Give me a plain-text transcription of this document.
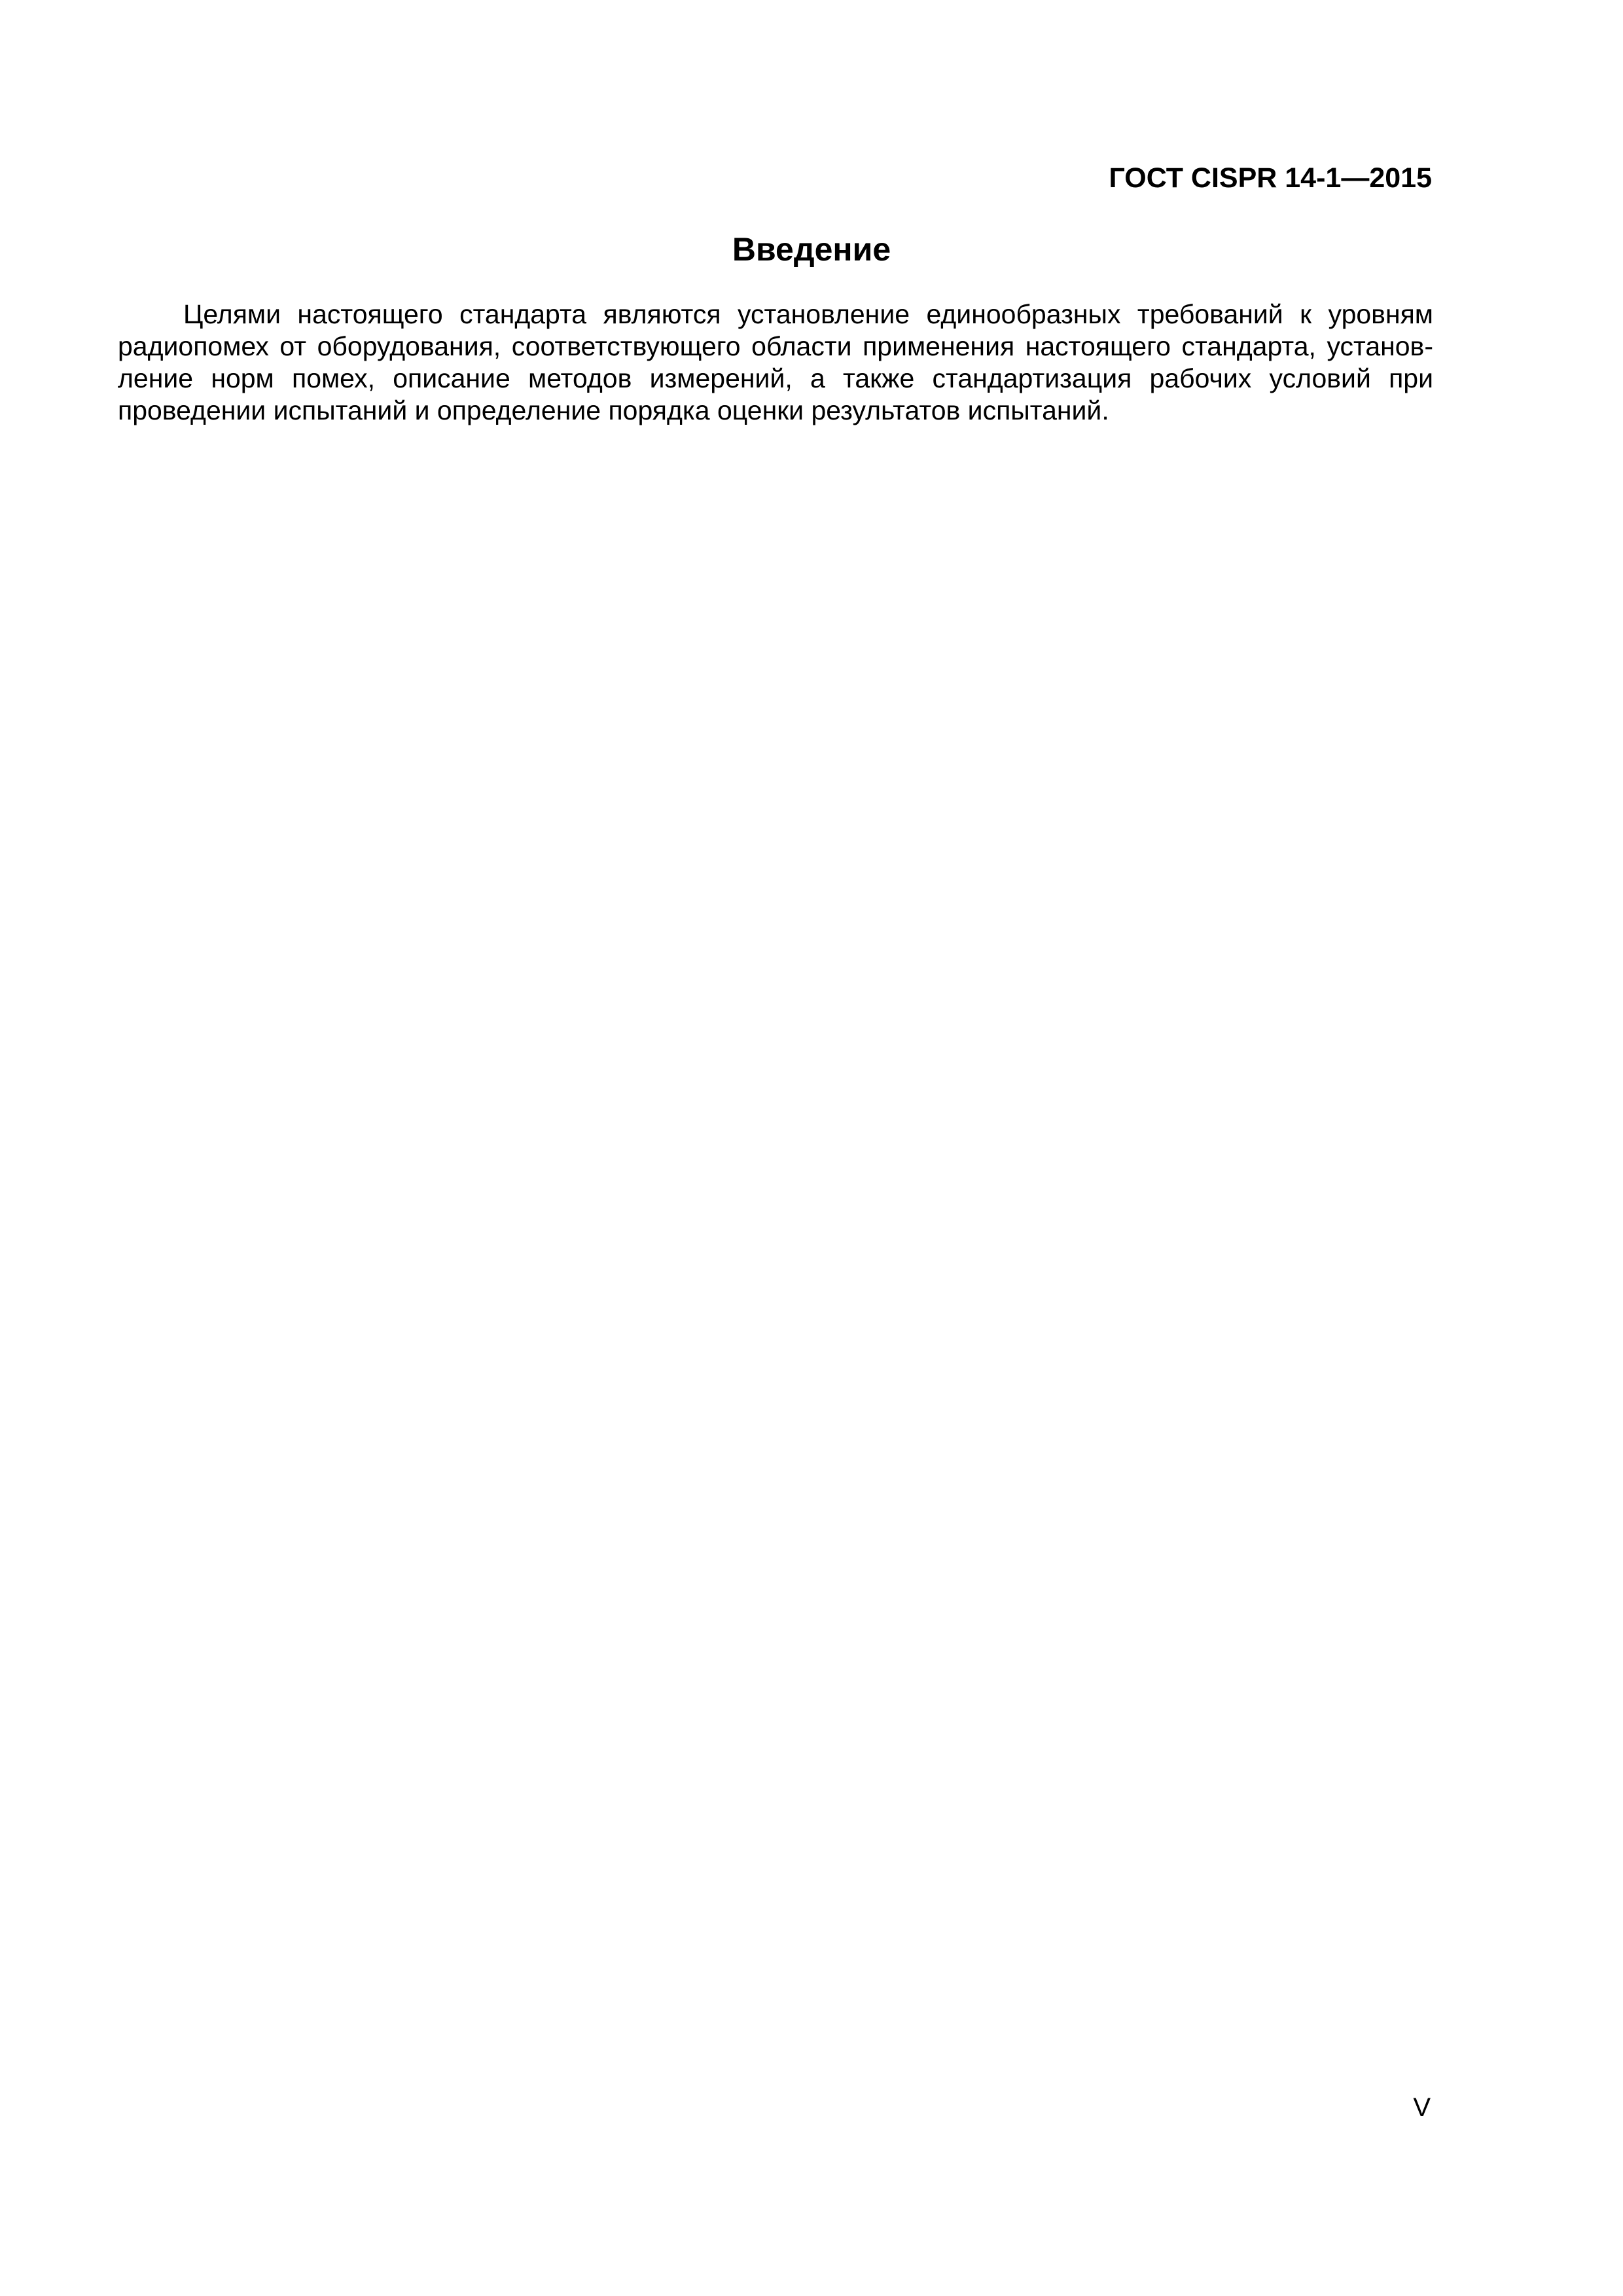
ГОСТ CISPR 14-1—2015
Введение

Целями настоящего стандарта являются установление единообразных требований к уровням радиопомех от оборудования, соответствующего области применения настоящего стандарта, установление норм помех, описание методов измерений, а также стандартизация рабочих условий при проведении испытаний и определение порядка оценки результатов испытаний.

V
